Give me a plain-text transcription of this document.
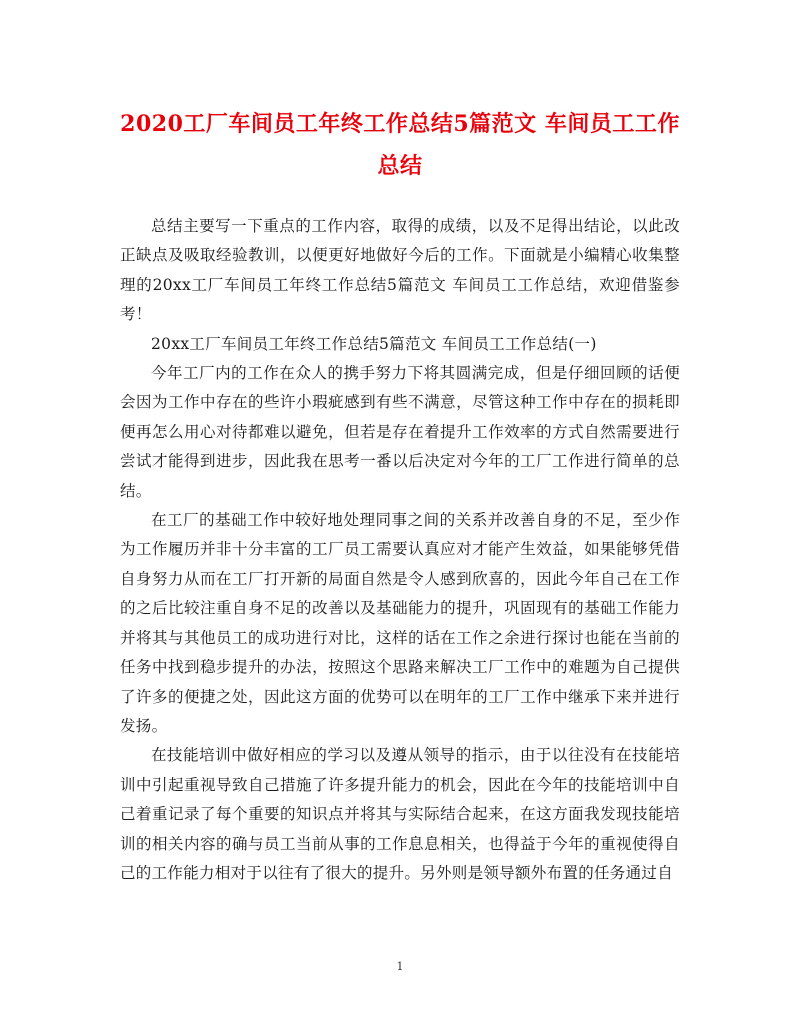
2020工厂车间员工年终工作总结5篇范文 车间员工工作总结

总结主要写一下重点的工作内容，取得的成绩，以及不足得出结论，以此改正缺点及吸取经验教训，以便更好地做好今后的工作。下面就是小编精心收集整理的20xx工厂车间员工年终工作总结5篇范文 车间员工工作总结，欢迎借鉴参考！

20xx工厂车间员工年终工作总结5篇范文 车间员工工作总结(一)

今年工厂内的工作在众人的携手努力下将其圆满完成，但是仔细回顾的话便会因为工作中存在的些许小瑕疵感到有些不满意，尽管这种工作中存在的损耗即便再怎么用心对待都难以避免，但若是存在着提升工作效率的方式自然需要进行尝试才能得到进步，因此我在思考一番以后决定对今年的工厂工作进行简单的总结。

在工厂的基础工作中较好地处理同事之间的关系并改善自身的不足，至少作为工作履历并非十分丰富的工厂员工需要认真应对才能产生效益，如果能够凭借自身努力从而在工厂打开新的局面自然是令人感到欣喜的，因此今年自己在工作的之后比较注重自身不足的改善以及基础能力的提升，巩固现有的基础工作能力并将其与其他员工的成功进行对比，这样的话在工作之余进行探讨也能在当前的任务中找到稳步提升的办法，按照这个思路来解决工厂工作中的难题为自己提供了许多的便捷之处，因此这方面的优势可以在明年的工厂工作中继承下来并进行发扬。

在技能培训中做好相应的学习以及遵从领导的指示，由于以往没有在技能培训中引起重视导致自己措施了许多提升能力的机会，因此在今年的技能培训中自己着重记录了每个重要的知识点并将其与实际结合起来，在这方面我发现技能培训的相关内容的确与员工当前从事的工作息息相关，也得益于今年的重视使得自己的工作能力相对于以往有了很大的提升。另外则是领导额外布置的任务通过自

1
